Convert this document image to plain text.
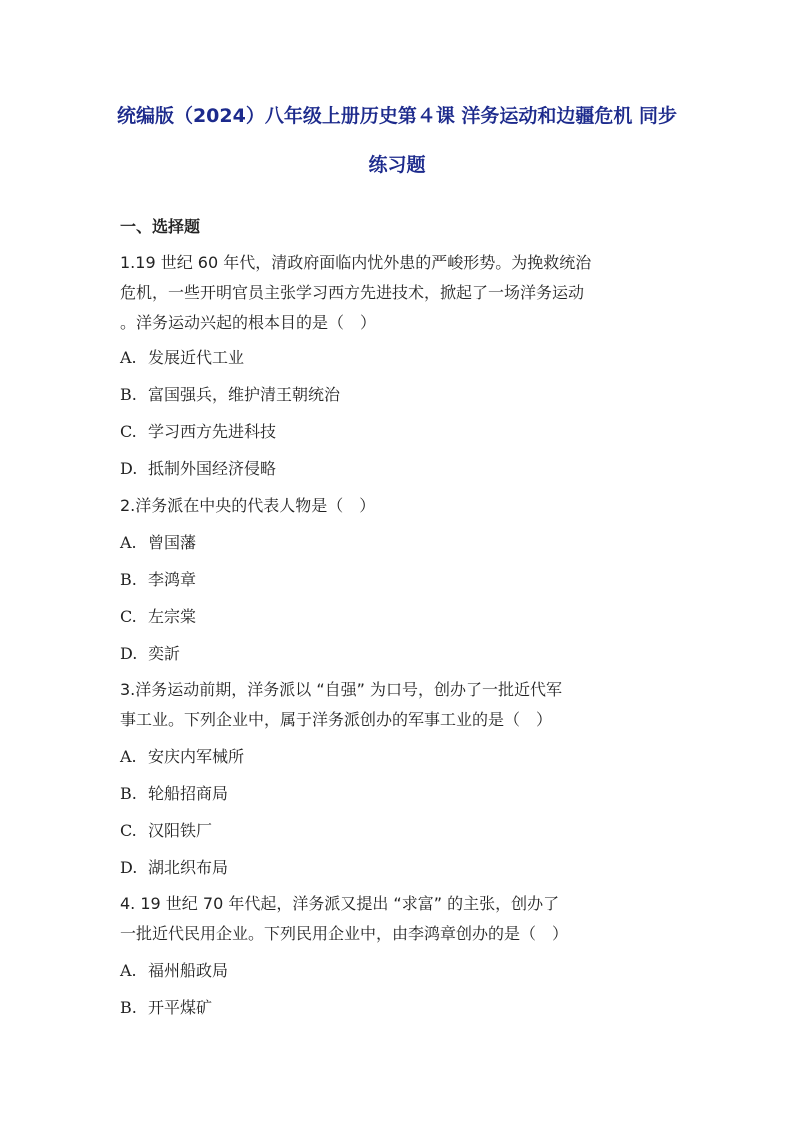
统编版（2024）八年级上册历史第４课 洋务运动和边疆危机 同步
练习题
一、选择题
1.19 世纪 60 年代，清政府面临内忧外患的严峻形势。为挽救统治
危机，一些开明官员主张学习西方先进技术，掀起了一场洋务运动
。洋务运动兴起的根本目的是（　）
A. 发展近代工业
B. 富国强兵，维护清王朝统治
C. 学习西方先进科技
D. 抵制外国经济侵略
2.洋务派在中央的代表人物是（　）
A. 曾国藩
B. 李鸿章
C. 左宗棠
D. 奕訢
3.洋务运动前期，洋务派以 “自强” 为口号，创办了一批近代军
事工业。下列企业中，属于洋务派创办的军事工业的是（　）
A. 安庆内军械所
B. 轮船招商局
C. 汉阳铁厂
D. 湖北织布局
4. 19 世纪 70 年代起，洋务派又提出 “求富” 的主张，创办了
一批近代民用企业。下列民用企业中，由李鸿章创办的是（　）
A. 福州船政局
B. 开平煤矿
